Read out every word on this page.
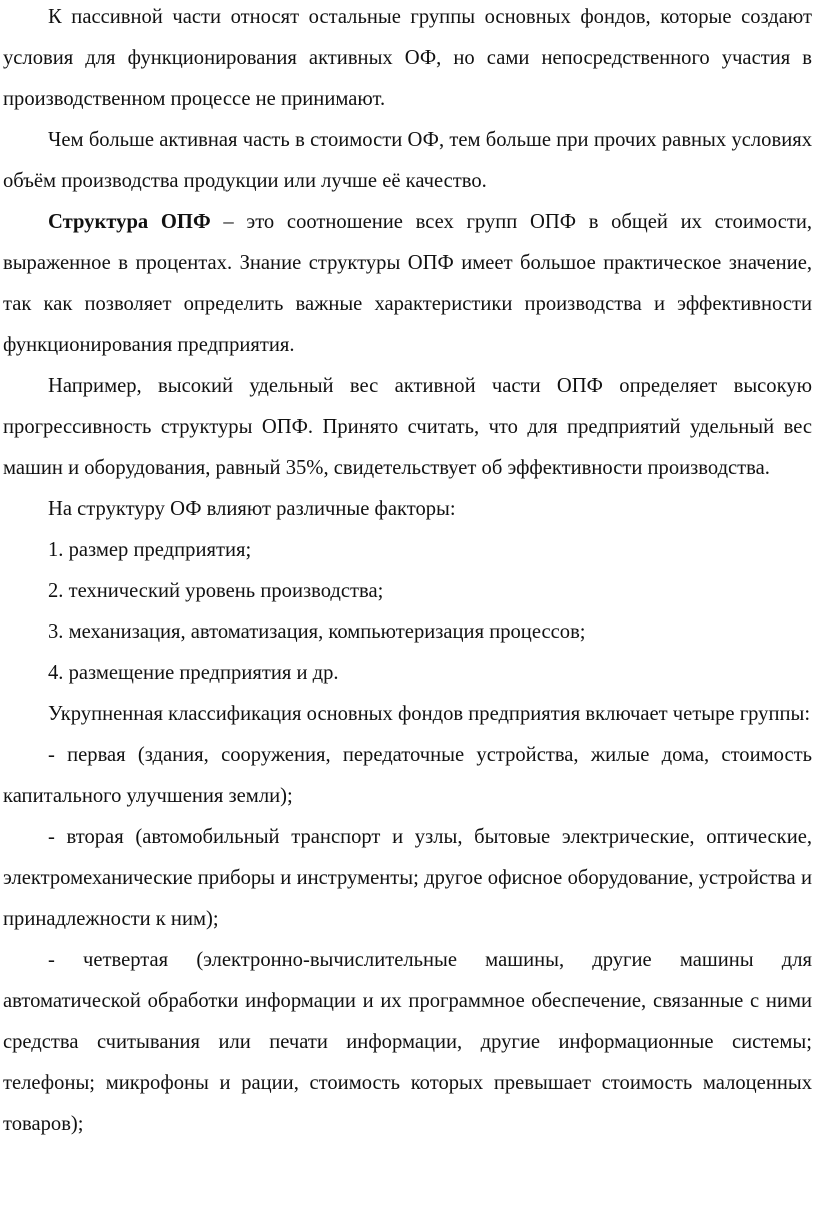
К пассивной части относят остальные группы основных фондов, которые создают условия для функционирования активных ОФ, но сами непосредственного участия в производственном процессе не принимают.

Чем больше активная часть в стоимости ОФ, тем больше при прочих равных условиях объём производства продукции или лучше её качество.

Структура ОПФ – это соотношение всех групп ОПФ в общей их стоимости, выраженное в процентах. Знание структуры ОПФ имеет большое практическое значение, так как позволяет определить важные характеристики производства и эффективности функционирования предприятия.

Например, высокий удельный вес активной части ОПФ определяет высокую прогрессивность структуры ОПФ. Принято считать, что для предприятий удельный вес машин и оборудования, равный 35%, свидетельствует об эффективности производства.

На структуру ОФ влияют различные факторы:

1. размер предприятия;

2. технический уровень производства;

3. механизация, автоматизация, компьютеризация процессов;

4. размещение предприятия и др.

Укрупненная классификация основных фондов предприятия включает четыре группы:

- первая (здания, сооружения, передаточные устройства, жилые дома, стоимость капитального улучшения земли);

- вторая (автомобильный транспорт и узлы, бытовые электрические, оптические, электромеханические приборы и инструменты; другое офисное оборудование, устройства и принадлежности к ним);

- четвертая (электронно-вычислительные машины, другие машины для автоматической обработки информации и их программное обеспечение, связанные с ними средства считывания или печати информации, другие информационные системы; телефоны; микрофоны и рации, стоимость которых превышает стоимость малоценных товаров);
